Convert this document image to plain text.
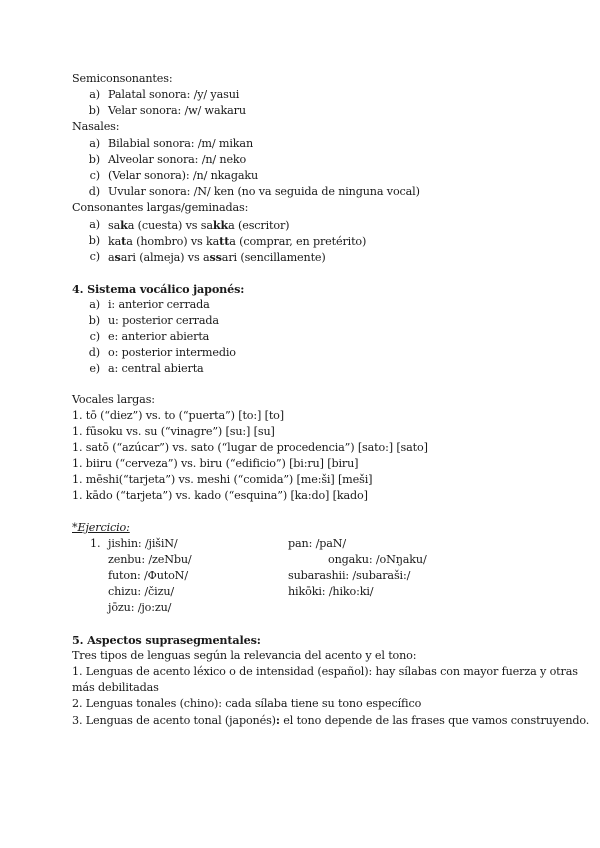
Semiconsonantes:
a) Palatal sonora: /y/ yasui
b) Velar sonora: /w/ wakaru
Nasales:
a) Bilabial sonora: /m/ mikan
b) Alveolar sonora: /n/ neko
c) (Velar sonora): /n/ nkagaku
d) Uvular sonora: /N/ ken (no va seguida de ninguna vocal)
Consonantes largas/geminadas:
a) saka (cuesta) vs sakka (escritor)
b) kata (hombro) vs katta (comprar, en pretérito)
c) asari (almeja) vs assari (sencillamente)
4. Sistema vocálico japonés:
a) i: anterior cerrada
b) u: posterior cerrada
c) e: anterior abierta
d) o: posterior intermedio
e) a: central abierta
Vocales largas:
1. tō (“diez”) vs. to (“puerta”) [to:] [to]
1. fūsoku vs. su (“vinagre”) [su:] [su]
1. satō (“azúcar”) vs. sato (“lugar de procedencia”) [sato:] [sato]
1. biiru (“cerveza”) vs. biru (“edificio”) [bi:ru] [biru]
1. mēshi(“tarjeta”) vs. meshi (“comida”) [me:ši] [meši]
1. kādo (“tarjeta”) vs. kado (“esquina”) [ka:do] [kado]
*Ejercicio:
1. jishin: /jišiN/
zenbu: /zeNbu/
futon: /ΦutoN/
chizu: /čizu/
jōzu: /jo:zu/
pan: /paN/
ongaku: /oNŋaku/
subarashii: /subaraši:/
hikōki: /hiko:ki/
5. Aspectos suprasegmentales:
Tres tipos de lenguas según la relevancia del acento y el tono:
1. Lenguas de acento léxico o de intensidad (español): hay sílabas con mayor fuerza y otras
más debilitadas
2. Lenguas tonales (chino): cada sílaba tiene su tono específico
3. Lenguas de acento tonal (japonés): el tono depende de las frases que vamos construyendo.
